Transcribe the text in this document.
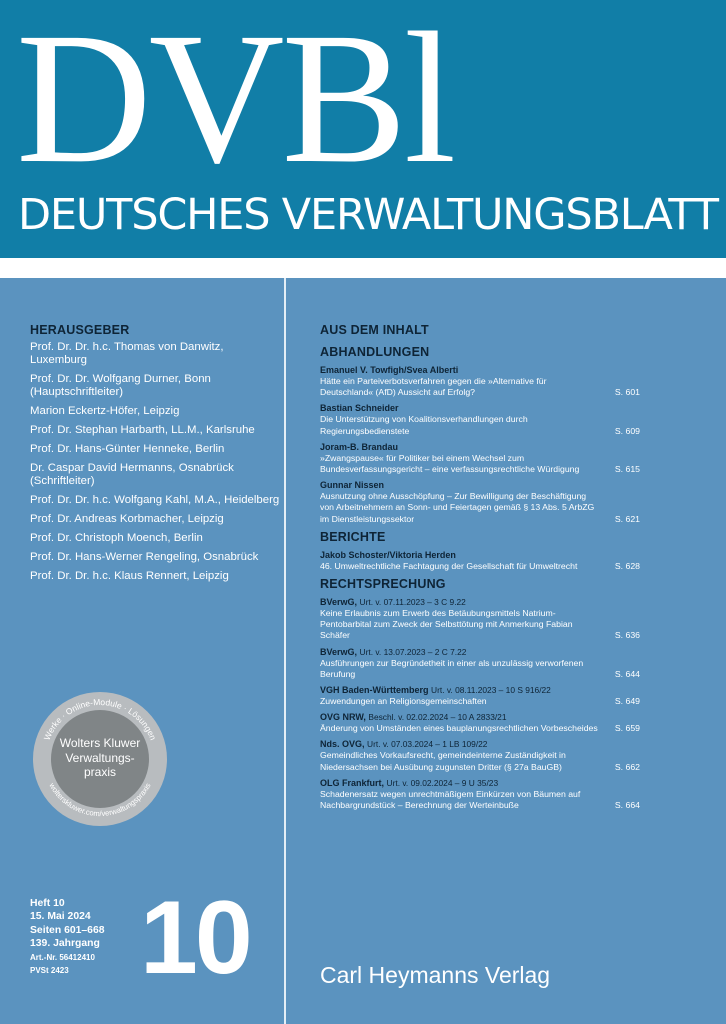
DVBl
DEUTSCHES VERWALTUNGSBLATT
HERAUSGEBER
Prof. Dr. Dr. h.c. Thomas von Danwitz, Luxemburg
Prof. Dr. Dr. Wolfgang Durner, Bonn (Hauptschriftleiter)
Marion Eckertz-Höfer, Leipzig
Prof. Dr. Stephan Harbarth, LL.M., Karlsruhe
Prof. Dr. Hans-Günter Henneke, Berlin
Dr. Caspar David Hermanns, Osnabrück (Schriftleiter)
Prof. Dr. Dr. h.c. Wolfgang Kahl, M.A., Heidelberg
Prof. Dr. Andreas Korbmacher, Leipzig
Prof. Dr. Christoph Moench, Berlin
Prof. Dr. Hans-Werner Rengeling, Osnabrück
Prof. Dr. Dr. h.c. Klaus Rennert, Leipzig
AUS DEM INHALT
ABHANDLUNGEN
Emanuel V. Towfigh/Svea Alberti
Hätte ein Parteiverbotsverfahren gegen die »Alternative für Deutschland« (AfD) Aussicht auf Erfolg?	S. 601
Bastian Schneider
Die Unterstützung von Koalitionsverhandlungen durch Regierungsbedienstete	S. 609
Joram-B. Brandau
»Zwangspause« für Politiker bei einem Wechsel zum Bundesverfassungsgericht – eine verfassungsrechtliche Würdigung	S. 615
Gunnar Nissen
Ausnutzung ohne Ausschöpfung – Zur Bewilligung der Beschäftigung von Arbeitnehmern an Sonn- und Feiertagen gemäß § 13 Abs. 5 ArbZG im Dienstleistungssektor	S. 621
BERICHTE
Jakob Schoster/Viktoria Herden
46. Umweltrechtliche Fachtagung der Gesellschaft für Umweltrecht	S. 628
RECHTSPRECHUNG
BVerwG, Urt. v. 07.11.2023 – 3 C 9.22
Keine Erlaubnis zum Erwerb des Betäubungsmittels Natrium-Pentobarbital zum Zweck der Selbsttötung mit Anmerkung Fabian Schäfer	S. 636
BVerwG, Urt. v. 13.07.2023 – 2 C 7.22
Ausführungen zur Begründetheit in einer als unzulässig verworfenen Berufung	S. 644
VGH Baden-Württemberg Urt. v. 08.11.2023 – 10 S 916/22
Zuwendungen an Religionsgemeinschaften	S. 649
OVG NRW, Beschl. v. 02.02.2024 – 10 A 2833/21
Änderung von Umständen eines bauplanungsrechtlichen Vorbescheides S. 659
Nds. OVG, Urt. v. 07.03.2024 – 1 LB 109/22
Gemeindliches Vorkaufsrecht, gemeindeinterne Zuständigkeit in Niedersachsen bei Ausübung zugunsten Dritter (§ 27a BauGB)	S. 662
OLG Frankfurt, Urt. v. 09.02.2024 – 9 U 35/23
Schadenersatz wegen unrechtmäßigem Einkürzen von Bäumen auf Nachbargrundstück – Berechnung der Werteinbuße	S. 664
Werke · Online-Module · Lösungen
wolterskluwer.com/verwaltungspraxis
Wolters Kluwer
Verwaltungs-
praxis
Heft 10
15. Mai 2024
Seiten 601–668
139. Jahrgang
Art.-Nr. 56412410
PVSt 2423 10	Carl Heymanns Verlag
